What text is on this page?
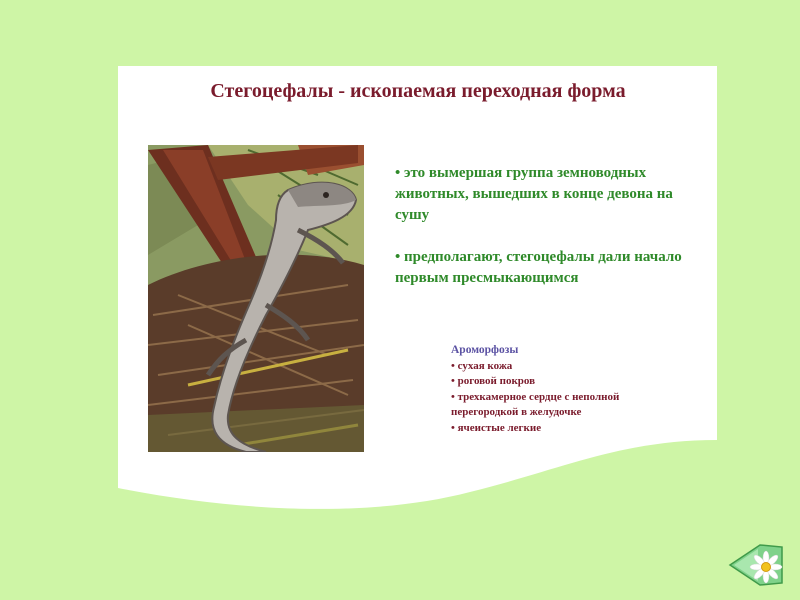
Стегоцефалы - ископаемая переходная форма
• это вымершая группа земноводных животных, вышедших в конце девона на сушу
• предполагают, стегоцефалы дали начало первым пресмыкающимся
Ароморфозы
• сухая кожа
• роговой покров
• трехкамерное сердце с неполной перегородкой в желудочке
• ячеистые легкие
